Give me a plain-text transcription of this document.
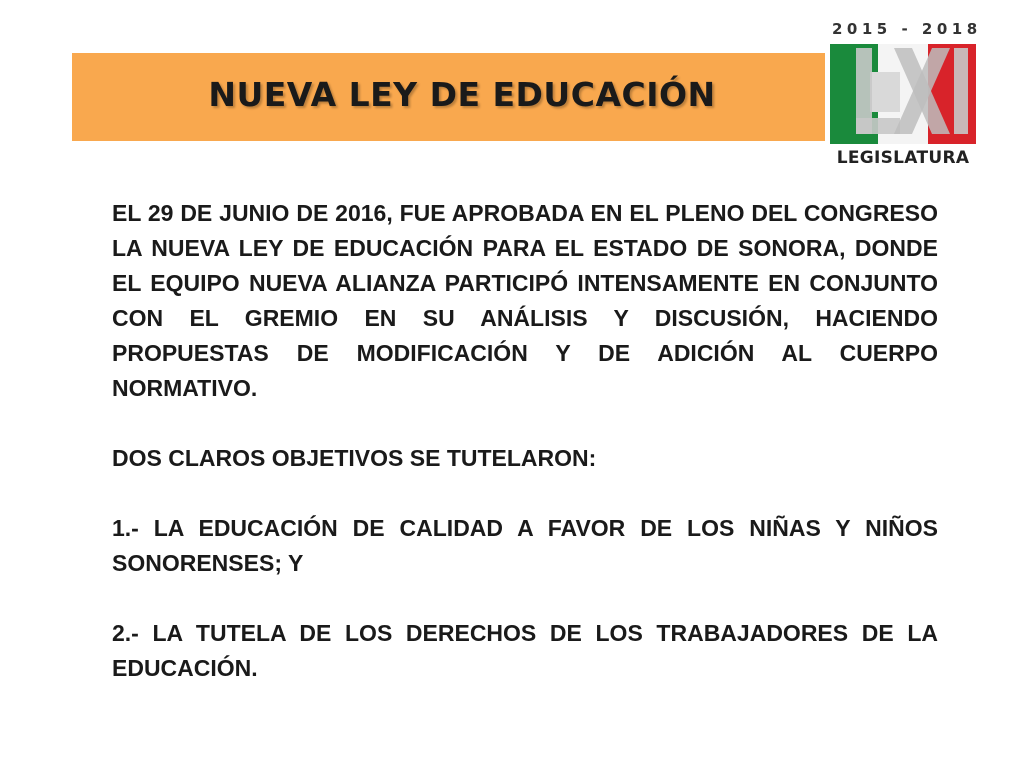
NUEVA LEY DE EDUCACIÓN
2015 - 2018
LEGISLATURA

EL 29 DE JUNIO DE 2016, FUE APROBADA EN EL PLENO DEL CONGRESO LA NUEVA LEY DE EDUCACIÓN PARA EL ESTADO DE SONORA, DONDE EL EQUIPO NUEVA ALIANZA PARTICIPÓ INTENSAMENTE EN CONJUNTO CON EL GREMIO EN SU ANÁLISIS Y DISCUSIÓN, HACIENDO PROPUESTAS DE MODIFICACIÓN Y DE ADICIÓN AL CUERPO NORMATIVO.

DOS CLAROS OBJETIVOS SE TUTELARON:

1.- LA EDUCACIÓN DE CALIDAD A FAVOR DE LOS NIÑAS Y NIÑOS SONORENSES; Y

2.- LA TUTELA DE LOS DERECHOS DE LOS TRABAJADORES DE LA EDUCACIÓN.
